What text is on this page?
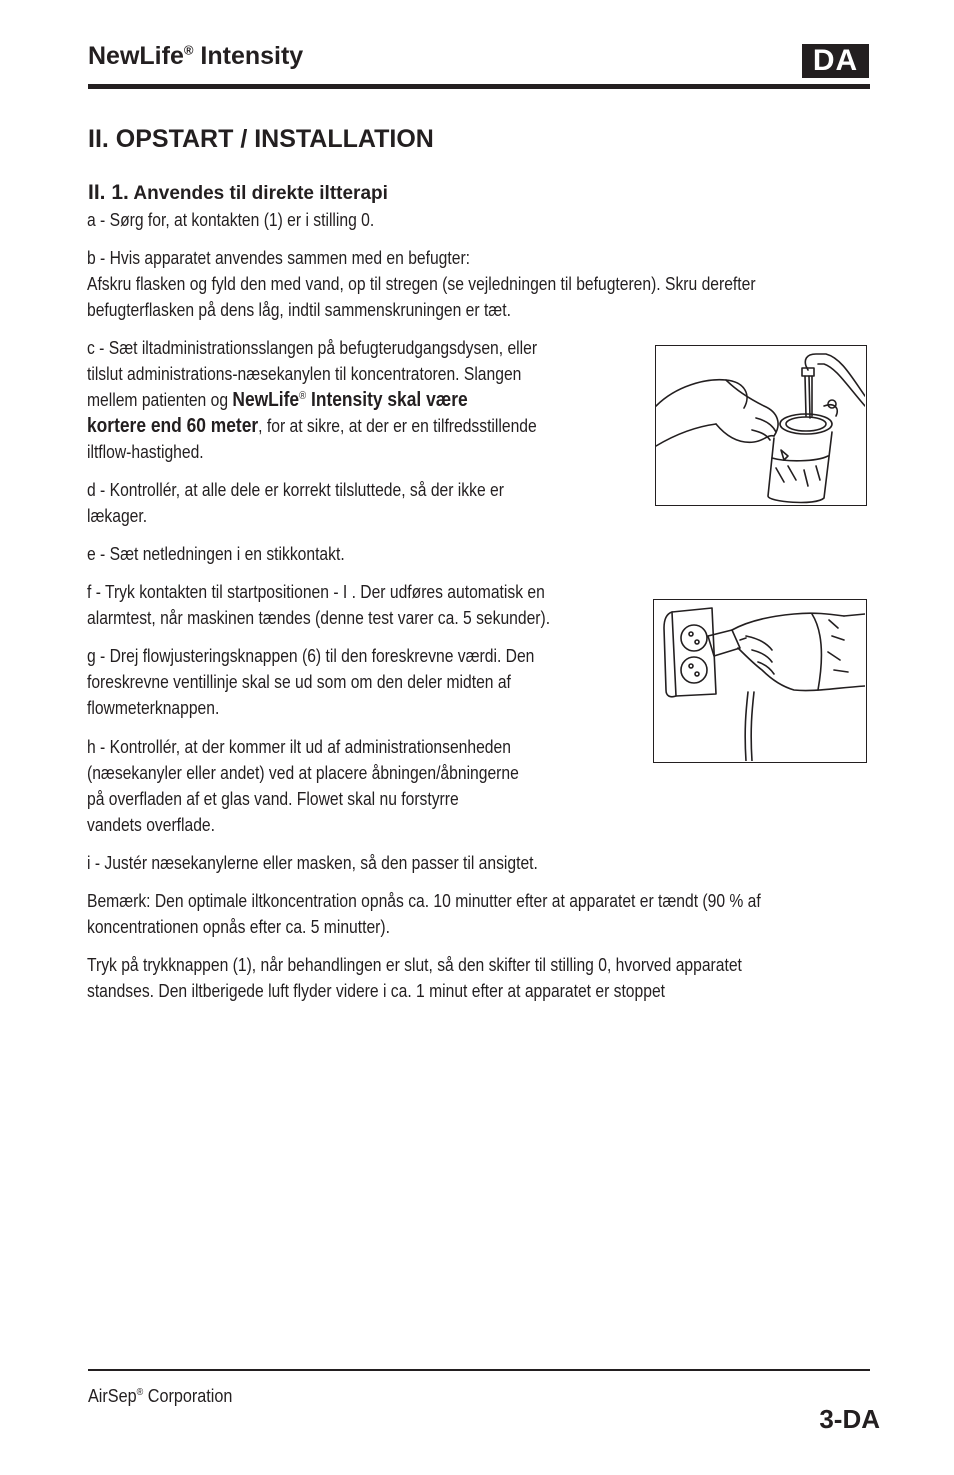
NewLife® Intensity	DA
II. OPSTART / INSTALLATION
II. 1. Anvendes til direkte iltterapi
a - Sørg for, at kontakten (1) er i stilling 0.
b - Hvis apparatet anvendes sammen med en befugter:
Afskru flasken og fyld den med vand, op til stregen (se vejledningen til befugteren). Skru derefter
befugterflasken på dens låg, indtil sammenskruningen er tæt.
c - Sæt iltadministrationsslangen på befugterudgangsdysen, eller
tilslut administrations-næsekanylen til koncentratoren. Slangen
mellem patienten og NewLife® Intensity skal være
kortere end 60 meter, for at sikre, at der er en tilfredsstillende
iltflow-hastighed.
d - Kontrollér, at alle dele er korrekt tilsluttede, så der ikke er
lækager.
e - Sæt netledningen i en stikkontakt.
f - Tryk kontakten til startpositionen - I . Der udføres automatisk en
alarmtest, når maskinen tændes (denne test varer ca. 5 sekunder).
g - Drej flowjusteringsknappen (6) til den foreskrevne værdi. Den
foreskrevne ventillinje skal se ud som om den deler midten af
flowmeterknappen.
h - Kontrollér, at der kommer ilt ud af administrationsenheden
(næsekanyler eller andet) ved at placere åbningen/åbningerne
på overfladen af et glas vand. Flowet skal nu forstyrre
vandets overflade.
i - Justér næsekanylerne eller masken, så den passer til ansigtet.
Bemærk: Den optimale iltkoncentration opnås ca. 10 minutter efter at apparatet er tændt (90 % af
koncentrationen opnås efter ca. 5 minutter).
Tryk på trykknappen (1), når behandlingen er slut, så den skifter til stilling 0, hvorved apparatet
standses. Den iltberigede luft flyder videre i ca. 1 minut efter at apparatet er stoppet
AirSep® Corporation
3-DA
